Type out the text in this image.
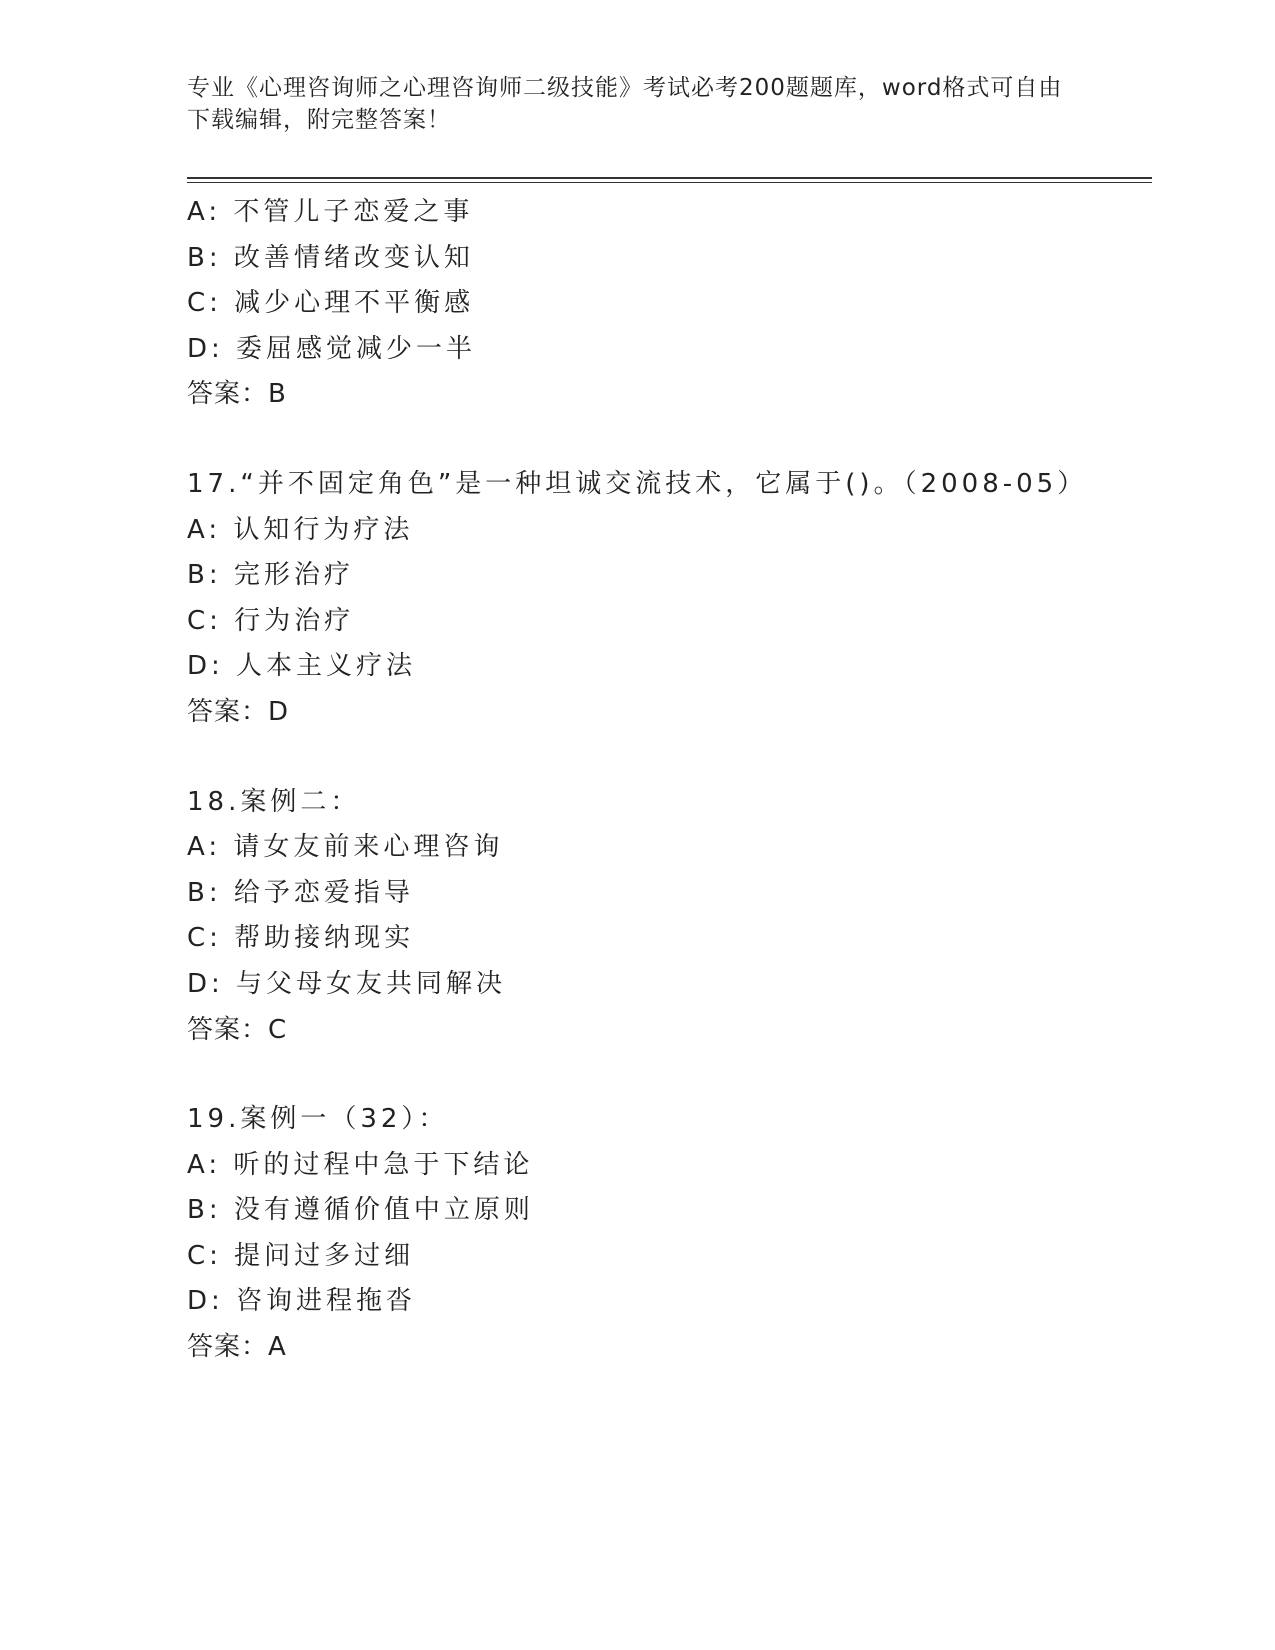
专业《心理咨询师之心理咨询师二级技能》考试必考200题题库，word格式可自由下载编辑，附完整答案！
A: 不管儿子恋爱之事
B: 改善情绪改变认知
C: 减少心理不平衡感
D: 委屈感觉减少一半
答案：B
17.“并不固定角色”是一种坦诚交流技术，它属于()。（2008-05）
A: 认知行为疗法
B: 完形治疗
C: 行为治疗
D: 人本主义疗法
答案：D
18.案例二：
A: 请女友前来心理咨询
B: 给予恋爱指导
C: 帮助接纳现实
D: 与父母女友共同解决
答案：C
19.案例一（32）：
A: 听的过程中急于下结论
B: 没有遵循价值中立原则
C: 提问过多过细
D: 咨询进程拖沓
答案：A
